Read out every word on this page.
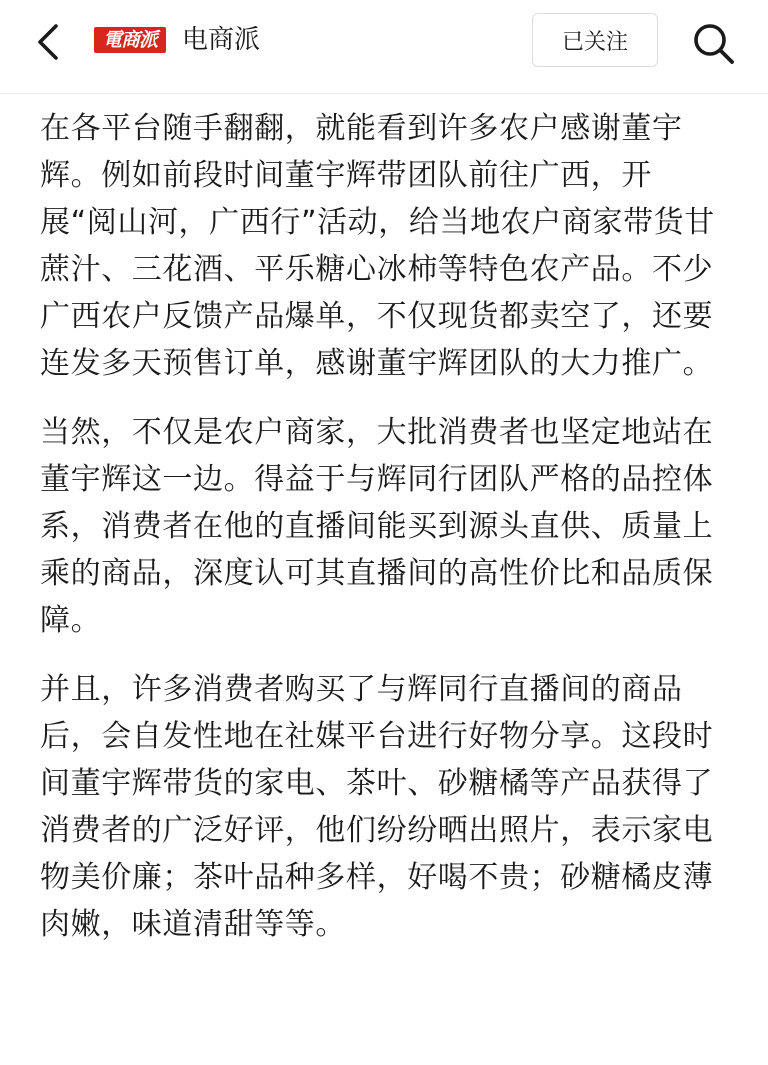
電商派 电商派	已关注

在各平台随手翻翻，就能看到许多农户感谢董宇辉。例如前段时间董宇辉带团队前往广西，开展“阅山河，广西行”活动，给当地农户商家带货甘蔗汁、三花酒、平乐糖心冰柿等特色农产品。不少广西农户反馈产品爆单，不仅现货都卖空了，还要连发多天预售订单，感谢董宇辉团队的大力推广。

当然，不仅是农户商家，大批消费者也坚定地站在董宇辉这一边。得益于与辉同行团队严格的品控体系，消费者在他的直播间能买到源头直供、质量上乘的商品，深度认可其直播间的高性价比和品质保障。

并且，许多消费者购买了与辉同行直播间的商品后，会自发性地在社媒平台进行好物分享。这段时间董宇辉带货的家电、茶叶、砂糖橘等产品获得了消费者的广泛好评，他们纷纷晒出照片，表示家电物美价廉；茶叶品种多样，好喝不贵；砂糖橘皮薄肉嫩，味道清甜等等。
